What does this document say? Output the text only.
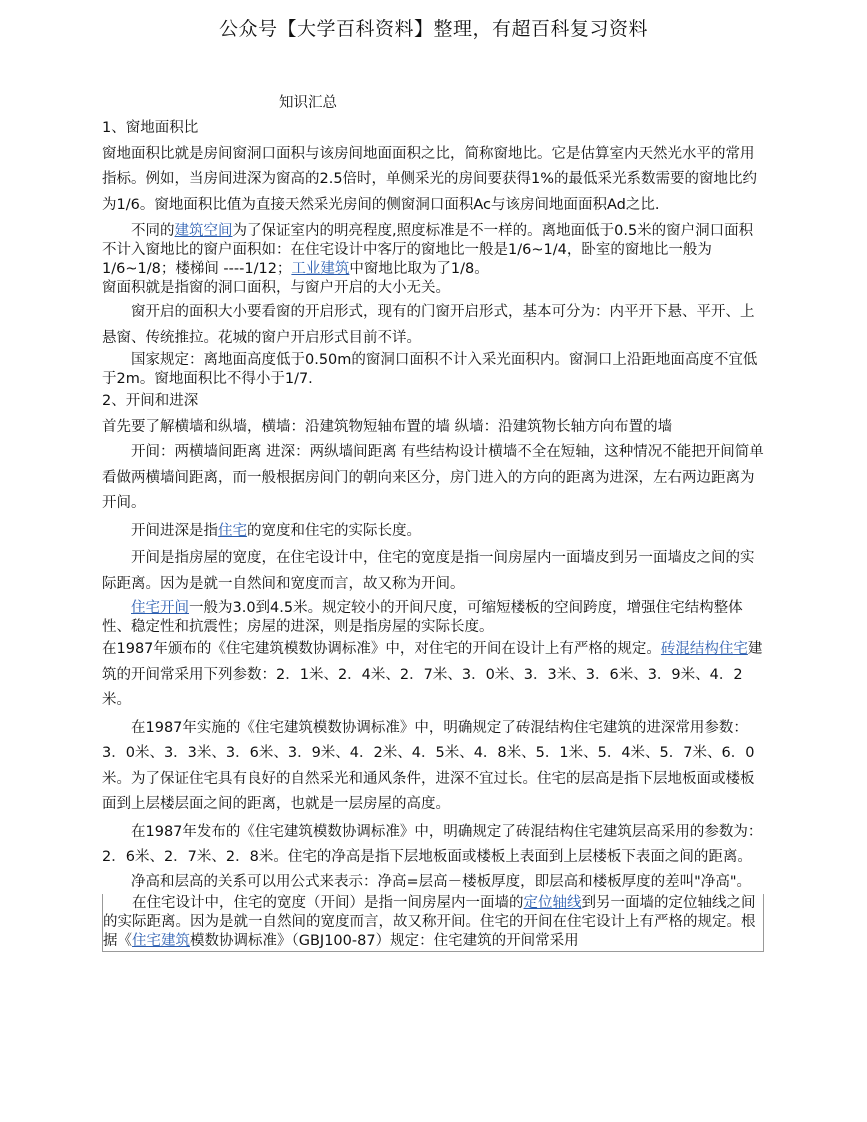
公众号【大学百科资料】整理，有超百科复习资料
知识汇总

1、窗地面积比

窗地面积比就是房间窗洞口面积与该房间地面面积之比，简称窗地比。它是估算室内天然光水平的常用指标。例如，当房间进深为窗高的2.5倍时，单侧采光的房间要获得1%的最低采光系数需要的窗地比约为1/6。窗地面积比值为直接天然采光房间的侧窗洞口面积Ac与该房间地面面积Ad之比.

不同的建筑空间为了保证室内的明亮程度,照度标准是不一样的。离地面低于0.5米的窗户洞口面积不计入窗地比的窗户面积如：在住宅设计中客厅的窗地比一般是1/6~1/4，卧室的窗地比一般为1/6~1/8；楼梯间 ----1/12；工业建筑中窗地比取为了1/8。

窗面积就是指窗的洞口面积，与窗户开启的大小无关。

窗开启的面积大小要看窗的开启形式，现有的门窗开启形式，基本可分为：内平开下悬、平开、上悬窗、传统推拉。花城的窗户开启形式目前不详。

国家规定：离地面高度低于0.50m的窗洞口面积不计入采光面积内。窗洞口上沿距地面高度不宜低于2m。窗地面积比不得小于1/7.

2、开间和进深

首先要了解横墙和纵墙，横墙：沿建筑物短轴布置的墙 纵墙：沿建筑物长轴方向布置的墙

开间：两横墙间距离 进深：两纵墙间距离 有些结构设计横墙不全在短轴，这种情况不能把开间简单看做两横墙间距离，而一般根据房间门的朝向来区分，房门进入的方向的距离为进深，左右两边距离为开间。

开间进深是指住宅的宽度和住宅的实际长度。

开间是指房屋的宽度，在住宅设计中，住宅的宽度是指一间房屋内一面墙皮到另一面墙皮之间的实际距离。因为是就一自然间和宽度而言，故又称为开间。

住宅开间一般为3.0到4.5米。规定较小的开间尺度，可缩短楼板的空间跨度，增强住宅结构整体性、稳定性和抗震性；房屋的进深，则是指房屋的实际长度。

在1987年颁布的《住宅建筑模数协调标准》中，对住宅的开间在设计上有严格的规定。砖混结构住宅建筑的开间常采用下列参数：2．1米、2．4米、2．7米、3．0米、3．3米、3．6米、3．9米、4．2米。

在1987年实施的《住宅建筑模数协调标准》中，明确规定了砖混结构住宅建筑的进深常用参数：3．0米、3．3米、3．6米、3．9米、4．2米、4．5米、4．8米、5．1米、5．4米、5．7米、6．0米。为了保证住宅具有良好的自然采光和通风条件，进深不宜过长。住宅的层高是指下层地板面或楼板面到上层楼层面之间的距离，也就是一层房屋的高度。

在1987年发布的《住宅建筑模数协调标准》中，明确规定了砖混结构住宅建筑层高采用的参数为：2．6米、2．7米、2．8米。住宅的净高是指下层地板面或楼板上表面到上层楼板下表面之间的距离。

净高和层高的关系可以用公式来表示：净高=层高－楼板厚度，即层高和楼板厚度的差叫"净高"。

在住宅设计中，住宅的宽度（开间）是指一间房屋内一面墙的定位轴线到另一面墙的定位轴线之间的实际距离。因为是就一自然间的宽度而言，故又称开间。住宅的开间在住宅设计上有严格的规定。根据《住宅建筑模数协调标准》（GBJ100-87）规定：住宅建筑的开间常采用
